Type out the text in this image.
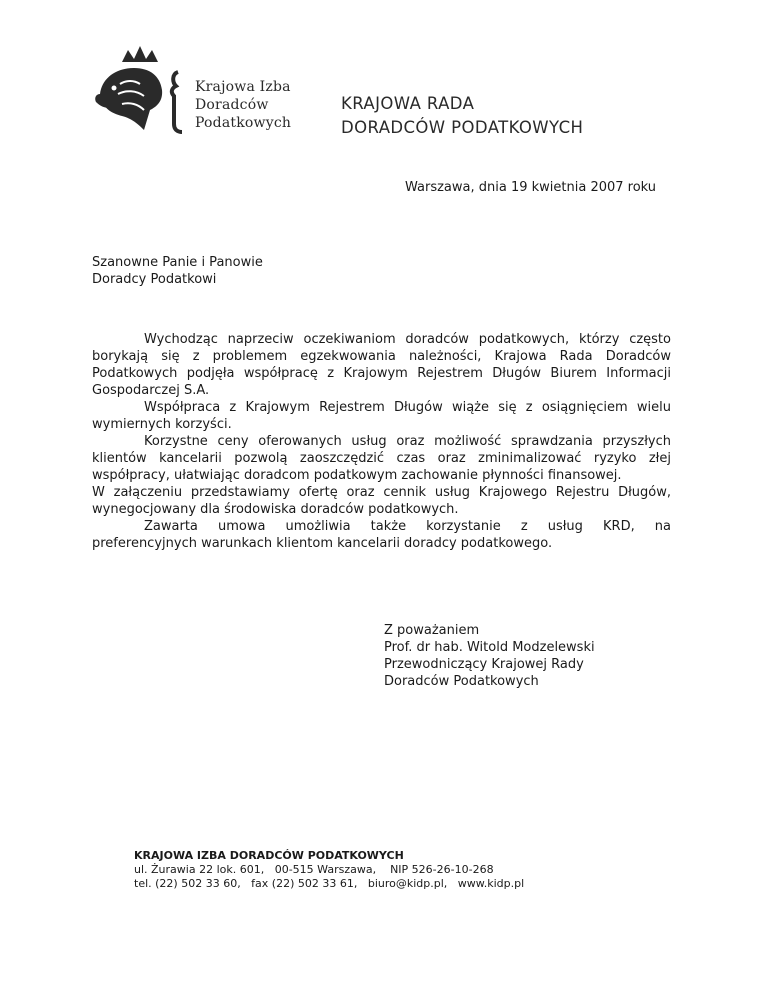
Krajowa Izba
Doradców
Podatkowych
KRAJOWA RADA
DORADCÓW PODATKOWYCH
Warszawa, dnia 19 kwietnia 2007 roku
Szanowne Panie i Panowie
Doradcy Podatkowi

Wychodząc naprzeciw oczekiwaniom doradców podatkowych, którzy często

borykają się z problemem egzekwowania należności, Krajowa Rada Doradców

Podatkowych podjęła współpracę z Krajowym Rejestrem Długów Biurem Informacji

Gospodarczej S.A.

Współpraca z Krajowym Rejestrem Długów wiąże się z osiągnięciem wielu

wymiernych korzyści.

Korzystne ceny oferowanych usług oraz możliwość sprawdzania przyszłych

klientów kancelarii pozwolą zaoszczędzić czas oraz zminimalizować ryzyko złej

współpracy, ułatwiając doradcom podatkowym zachowanie płynności finansowej.

W załączeniu przedstawiamy ofertę oraz cennik usług Krajowego Rejestru Długów,

wynegocjowany dla środowiska doradców podatkowych.

Zawarta umowa umożliwia także korzystanie z usług KRD, na

preferencyjnych warunkach klientom kancelarii doradcy podatkowego.

Z poważaniem
Prof. dr hab. Witold Modzelewski
Przewodniczący Krajowej Rady
Doradców Podatkowych
KRAJOWA IZBA DORADCÓW PODATKOWYCH
ul. Żurawia 22 lok. 601,   00-515 Warszawa,    NIP 526-26-10-268
tel. (22) 502 33 60,   fax (22) 502 33 61,   biuro@kidp.pl,   www.kidp.pl
